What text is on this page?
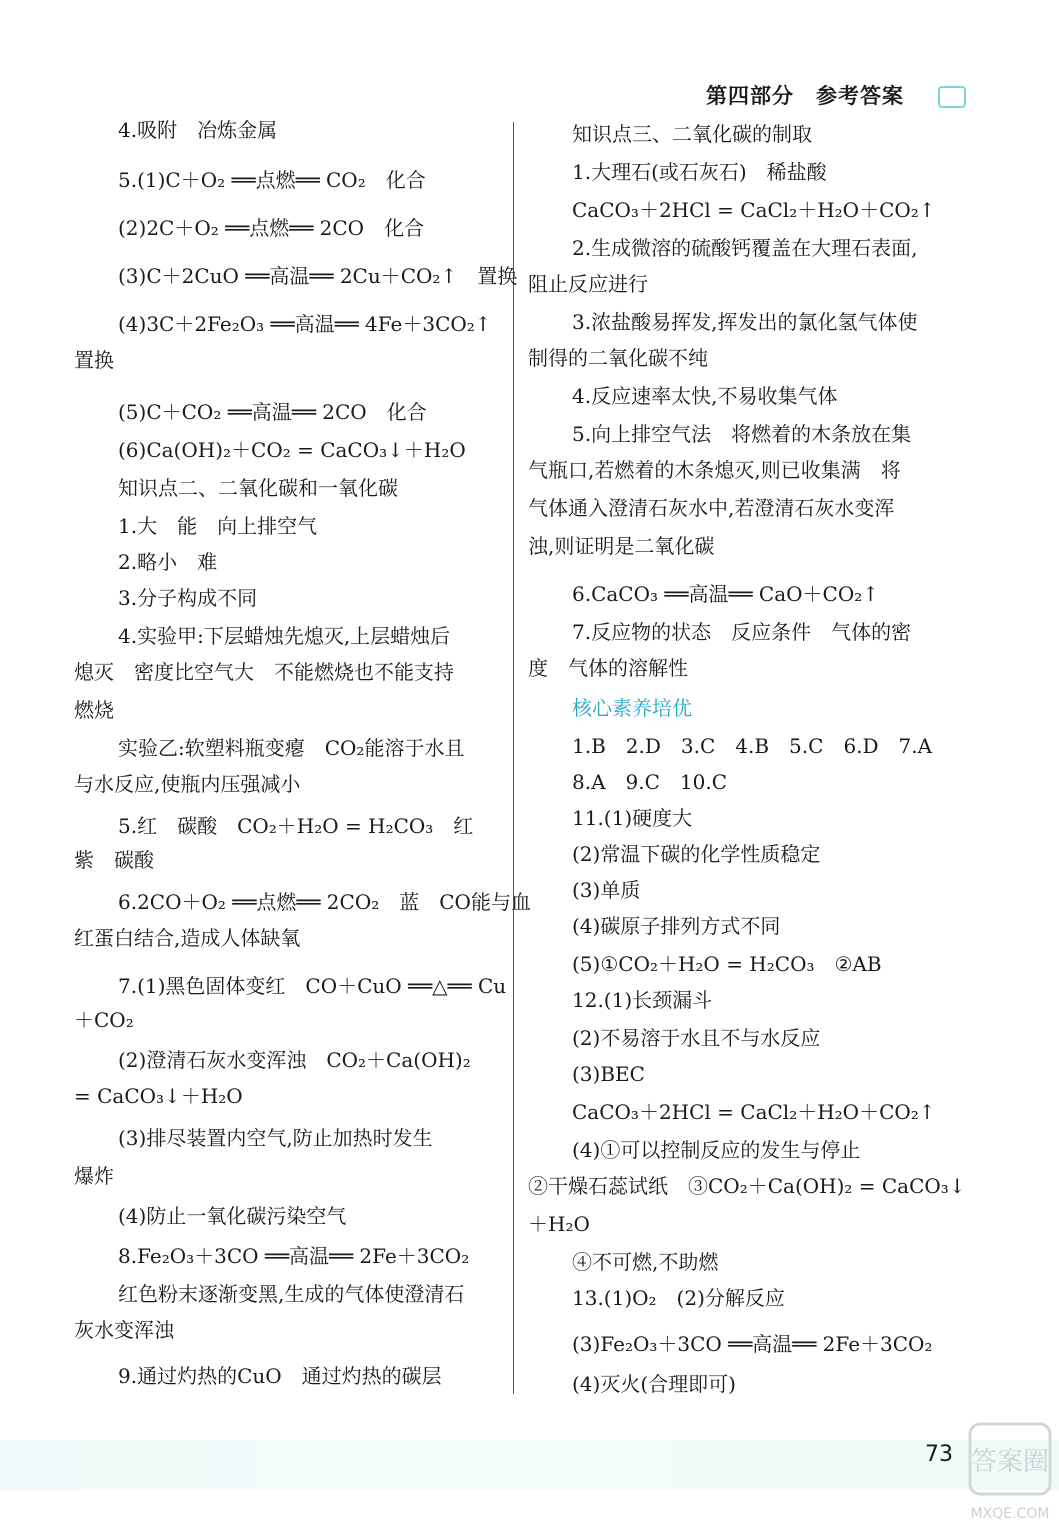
第四部分 参考答案
4.吸附　冶炼金属
5.(1)C＋O₂ ══点燃══ CO₂　化合
(2)2C＋O₂ ══点燃══ 2CO　化合
(3)C＋2CuO ══高温══ 2Cu＋CO₂↑　置换
(4)3C＋2Fe₂O₃ ══高温══ 4Fe＋3CO₂↑
置换
(5)C＋CO₂ ══高温══ 2CO　化合
(6)Ca(OH)₂＋CO₂ = CaCO₃↓＋H₂O
知识点二、二氧化碳和一氧化碳
1.大　能　向上排空气
2.略小　难
3.分子构成不同
4.实验甲:下层蜡烛先熄灭,上层蜡烛后
熄灭　密度比空气大　不能燃烧也不能支持
燃烧
实验乙:软塑料瓶变瘪　CO₂能溶于水且
与水反应,使瓶内压强减小
5.红　碳酸　CO₂＋H₂O = H₂CO₃　红
紫　碳酸
6.2CO＋O₂ ══点燃══ 2CO₂　蓝　CO能与血
红蛋白结合,造成人体缺氧
7.(1)黑色固体变红　CO＋CuO ══△══ Cu
＋CO₂
(2)澄清石灰水变浑浊　CO₂＋Ca(OH)₂
= CaCO₃↓＋H₂O
(3)排尽装置内空气,防止加热时发生
爆炸
(4)防止一氧化碳污染空气
8.Fe₂O₃＋3CO ══高温══ 2Fe＋3CO₂
红色粉末逐渐变黑,生成的气体使澄清石
灰水变浑浊
9.通过灼热的CuO　通过灼热的碳层
知识点三、二氧化碳的制取
1.大理石(或石灰石)　稀盐酸
CaCO₃＋2HCl = CaCl₂＋H₂O＋CO₂↑
2.生成微溶的硫酸钙覆盖在大理石表面,
阻止反应进行
3.浓盐酸易挥发,挥发出的氯化氢气体使
制得的二氧化碳不纯
4.反应速率太快,不易收集气体
5.向上排空气法　将燃着的木条放在集
气瓶口,若燃着的木条熄灭,则已收集满　将
气体通入澄清石灰水中,若澄清石灰水变浑
浊,则证明是二氧化碳
6.CaCO₃ ══高温══ CaO＋CO₂↑
7.反应物的状态　反应条件　气体的密
度　气体的溶解性
核心素养培优
1.B　2.D　3.C　4.B　5.C　6.D　7.A
8.A　9.C　10.C
11.(1)硬度大
(2)常温下碳的化学性质稳定
(3)单质
(4)碳原子排列方式不同
(5)①CO₂＋H₂O = H₂CO₃　②AB
12.(1)长颈漏斗
(2)不易溶于水且不与水反应
(3)BEC
CaCO₃＋2HCl = CaCl₂＋H₂O＋CO₂↑
(4)①可以控制反应的发生与停止
②干燥石蕊试纸　③CO₂＋Ca(OH)₂ = CaCO₃↓
＋H₂O
④不可燃,不助燃
13.(1)O₂　(2)分解反应
(3)Fe₂O₃＋3CO ══高温══ 2Fe＋3CO₂
(4)灭火(合理即可)
73 答案圈
MXQE.COM
